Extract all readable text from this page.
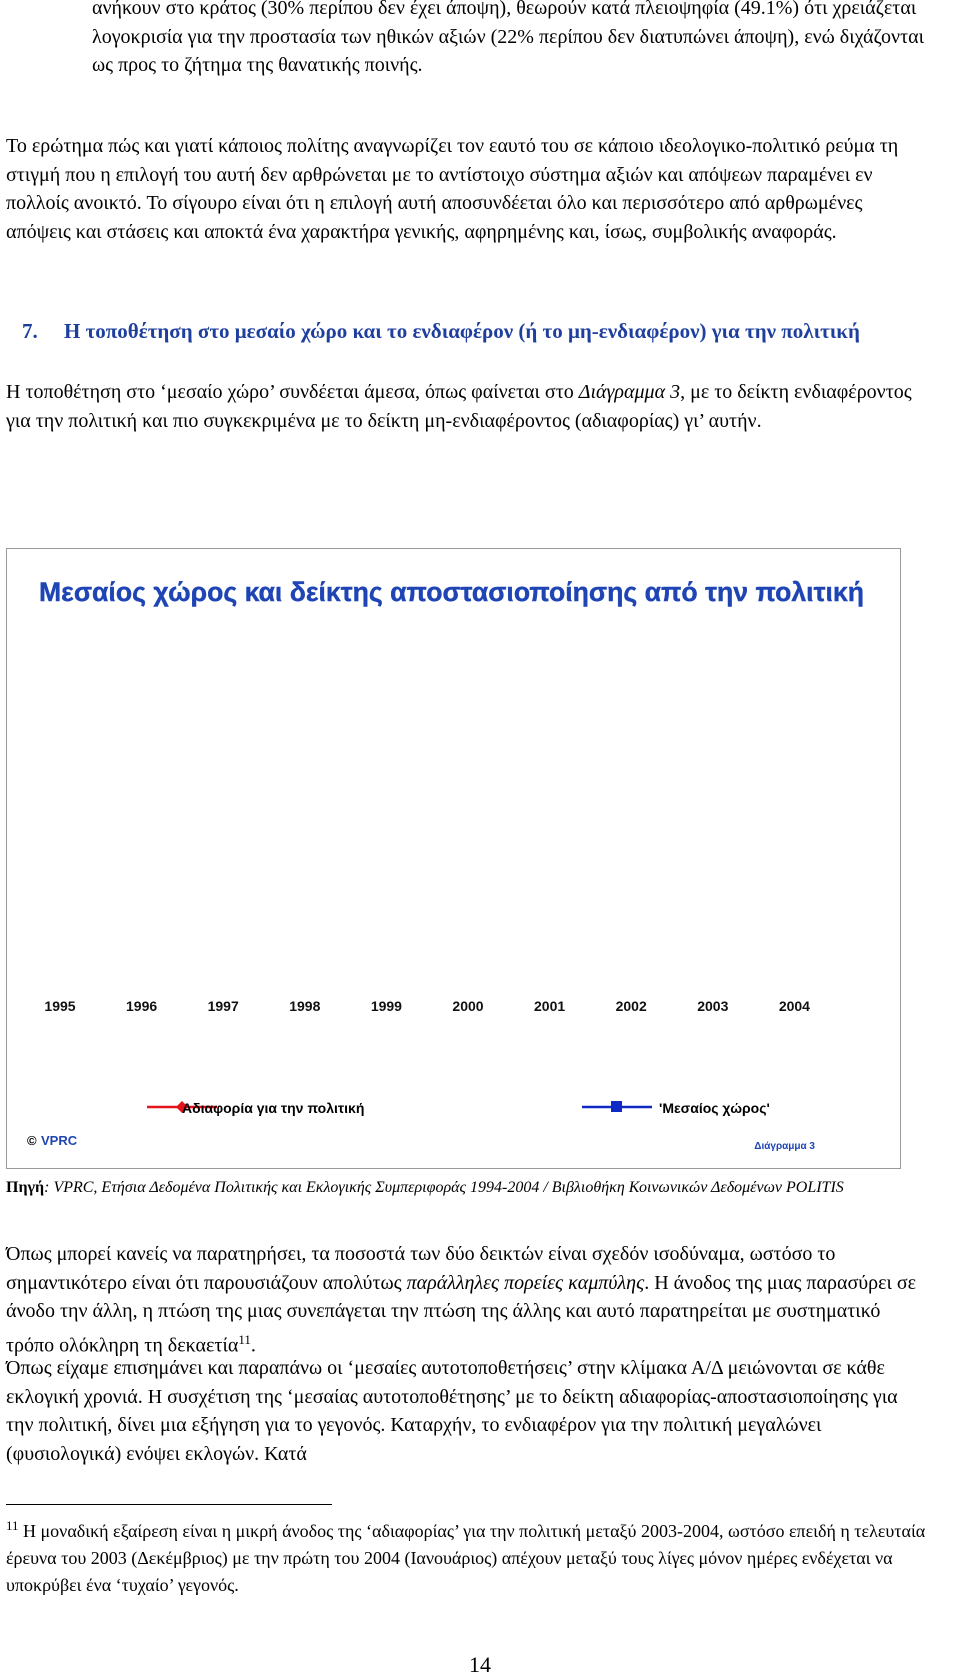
ανήκουν στο κράτος (30% περίπου δεν έχει άποψη), θεωρούν κατά πλειοψηφία (49.1%) ότι χρειάζεται λογοκρισία για την προστασία των ηθικών αξιών (22% περίπου δεν διατυπώνει άποψη), ενώ διχάζονται ως προς το ζήτημα της θανατικής ποινής.

Το ερώτημα πώς και γιατί κάποιος πολίτης αναγνωρίζει τον εαυτό του σε κάποιο ιδεολογικο-πολιτικό ρεύμα τη στιγμή που η επιλογή του αυτή δεν αρθρώνεται με το αντίστοιχο σύστημα αξιών και απόψεων παραμένει εν πολλοίς ανοικτό. Το σίγουρο είναι ότι η επιλογή αυτή αποσυνδέεται όλο και περισσότερο από αρθρωμένες απόψεις και στάσεις και αποκτά ένα χαρακτήρα γενικής, αφηρημένης και, ίσως, συμβολικής αναφοράς.

7. Η τοποθέτηση στο μεσαίο χώρο και το ενδιαφέρον (ή το μη-ενδιαφέρον) για την πολιτική

Η τοποθέτηση στο ‘μεσαίο χώρο’ συνδέεται άμεσα, όπως φαίνεται στο Διάγραμμα 3, με το δείκτη ενδιαφέροντος για την πολιτική και πιο συγκεκριμένα με το δείκτη μη-ενδιαφέροντος (αδιαφορίας) γι’ αυτήν.

Μεσαίος χώρος και δείκτης αποστασιοποίησης από την πολιτική
1995	1996	1997	1998	1999	2000	2001	2002	2003	2004
Αδιαφορία για την πολιτική	'Μεσαίος χώρος'
© VPRC	Διάγραμμα 3
Πηγή: VPRC, Ετήσια Δεδομένα Πολιτικής και Εκλογικής Συμπεριφοράς 1994-2004 / Βιβλιοθήκη Κοινωνικών Δεδομένων POLITIS

Όπως μπορεί κανείς να παρατηρήσει, τα ποσοστά των δύο δεικτών είναι σχεδόν ισοδύναμα, ωστόσο το σημαντικότερο είναι ότι παρουσιάζουν απολύτως παράλληλες πορείες καμπύλης. Η άνοδος της μιας παρασύρει σε άνοδο την άλλη, η πτώση της μιας συνεπάγεται την πτώση της άλλης και αυτό παρατηρείται με συστηματικό τρόπο ολόκληρη τη δεκαετία$^{11}$.

Όπως είχαμε επισημάνει και παραπάνω οι ‘μεσαίες αυτοτοποθετήσεις’ στην κλίμακα Α/Δ μειώνονται σε κάθε εκλογική χρονιά. Η συσχέτιση της ‘μεσαίας αυτοτοποθέτησης’ με το δείκτη αδιαφορίας-αποστασιοποίησης για την πολιτική, δίνει μια εξήγηση για το γεγονός. Καταρχήν, το ενδιαφέρον για την πολιτική μεγαλώνει (φυσιολογικά) ενόψει εκλογών. Κατά

$^{11}$ Η μοναδική εξαίρεση είναι η μικρή άνοδος της ‘αδιαφορίας’ για την πολιτική μεταξύ 2003-2004, ωστόσο επειδή η τελευταία έρευνα του 2003 (Δεκέμβριος) με την πρώτη του 2004 (Ιανουάριος) απέχουν μεταξύ τους λίγες μόνον ημέρες ενδέχεται να υποκρύβει ένα ‘τυχαίο’ γεγονός.

14
